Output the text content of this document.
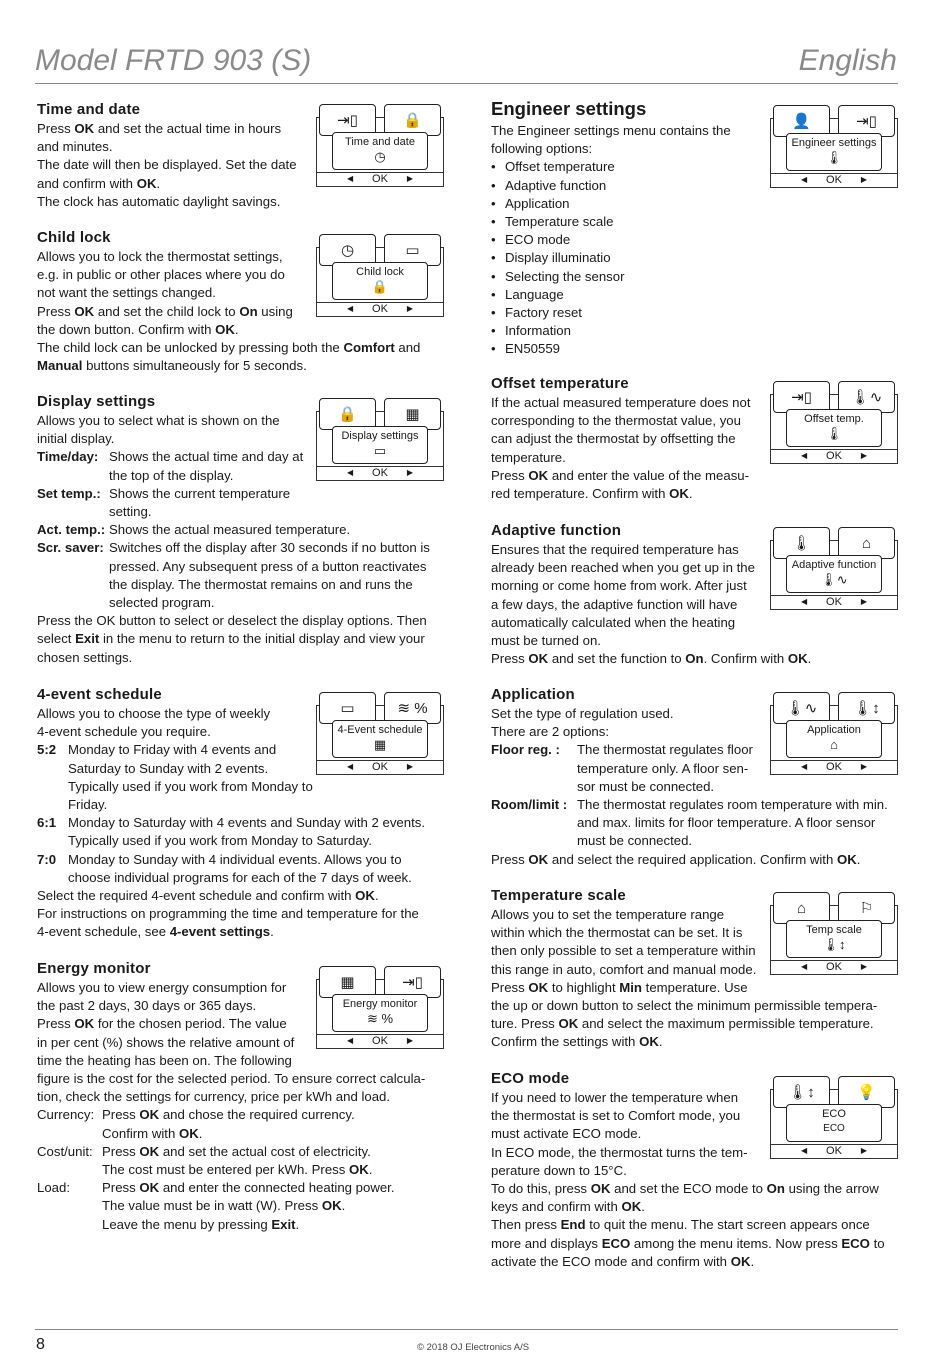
Model FRTD 903 (S)	English
Time and date
Press OK and set the actual time in hours
and minutes.
The date will then be displayed. Set the date
and confirm with OK.
The clock has automatic daylight savings.
⇥▯	🔒
Time and date
◷
◀ OK ▶
Child lock
Allows you to lock the thermostat settings,
e.g. in public or other places where you do
not want the settings changed.
Press OK and set the child lock to On using
the down button. Confirm with OK.
The child lock can be unlocked by pressing both the Comfort and
Manual buttons simultaneously for 5 seconds.
◷	▭
Child lock
🔒
◀ OK ▶
Display settings
Allows you to select what is shown on the
initial display.
Time/day: Shows the actual time and day at the top of the display.
Set temp.: Shows the current temperature setting.
Act. temp.: Shows the actual measured temperature.
Scr. saver: Switches off the display after 30 seconds if no button is pressed. Any subsequent press of a button reactivates the display. The thermostat remains on and runs the selected program.
Press the OK button to select or deselect the display options. Then
select Exit in the menu to return to the initial display and view your
chosen settings.
🔒	▦
Display settings
▭
◀ OK ▶
4-event schedule
Allows you to choose the type of weekly
4-event schedule you require.
5:2 Monday to Friday with 4 events and Saturday to Sunday with 2 events. Typically used if you work from Monday to Friday.
6:1 Monday to Saturday with 4 events and Sunday with 2 events. Typically used if you work from Monday to Saturday.
7:0 Monday to Sunday with 4 individual events. Allows you to choose individual programs for each of the 7 days of week.
Select the required 4-event schedule and confirm with OK.
For instructions on programming the time and temperature for the
4-event schedule, see 4-event settings.
▭	≋ %
4-Event schedule
▦
◀ OK ▶
Energy monitor
Allows you to view energy consumption for
the past 2 days, 30 days or 365 days.
Press OK for the chosen period. The value
in per cent (%) shows the relative amount of
time the heating has been on. The following
figure is the cost for the selected period. To ensure correct calcula-
tion, check the settings for currency, price per kWh and load.
Currency: Press OK and chose the required currency.
Confirm with OK.
Cost/unit: Press OK and set the actual cost of electricity.
The cost must be entered per kWh. Press OK.
Load:	Press OK and enter the connected heating power.
The value must be in watt (W). Press OK.
Leave the menu by pressing Exit.
▦	⇥▯
Energy monitor
≋ %
◀ OK ▶
Engineer settings
The Engineer settings menu contains the
following options:
• Offset temperature
• Adaptive function
• Application
• Temperature scale
• ECO mode
• Display illuminatio
• Selecting the sensor
• Language
• Factory reset
• Information
• EN50559
👤	⇥▯
Engineer settings
🌡
◀ OK ▶
Offset temperature
If the actual measured temperature does not
corresponding to the thermostat value, you
can adjust the thermostat by offsetting the
temperature.
Press OK and enter the value of the measu-
red temperature. Confirm with OK.
⇥▯	🌡∿
Offset temp.
🌡
◀ OK ▶
Adaptive function
Ensures that the required temperature has
already been reached when you get up in the
morning or come home from work. After just
a few days, the adaptive function will have
automatically calculated when the heating
must be turned on.
Press OK and set the function to On. Confirm with OK.
🌡	⌂
Adaptive function
🌡∿
◀ OK ▶
Application
Set the type of regulation used.
There are 2 options:
Floor reg. :	The thermostat regulates floor temperature only. A floor sen- sor must be connected.
Room/limit : The thermostat regulates room temperature with min. and max. limits for floor temperature. A floor sensor must be connected.
Press OK and select the required application. Confirm with OK.
🌡∿	🌡↕
Application
⌂
◀ OK ▶
Temperature scale
Allows you to set the temperature range
within which the thermostat can be set. It is
then only possible to set a temperature within
this range in auto, comfort and manual mode.
Press OK to highlight Min temperature. Use
the up or down button to select the minimum permissible tempera-
ture. Press OK and select the maximum permissible temperature.
Confirm the settings with OK.
⌂	⚐
Temp scale
🌡↕
◀ OK ▶
ECO mode
If you need to lower the temperature when
the thermostat is set to Comfort mode, you
must activate ECO mode.
In ECO mode, the thermostat turns the tem-
perature down to 15°C.
To do this, press OK and set the ECO mode to On using the arrow
keys and confirm with OK.
Then press End to quit the menu. The start screen appears once
more and displays ECO among the menu items. Now press ECO to
activate the ECO mode and confirm with OK.
🌡↕	💡
ECO
ECO
◀ OK ▶
8	© 2018 OJ Electronics A/S
